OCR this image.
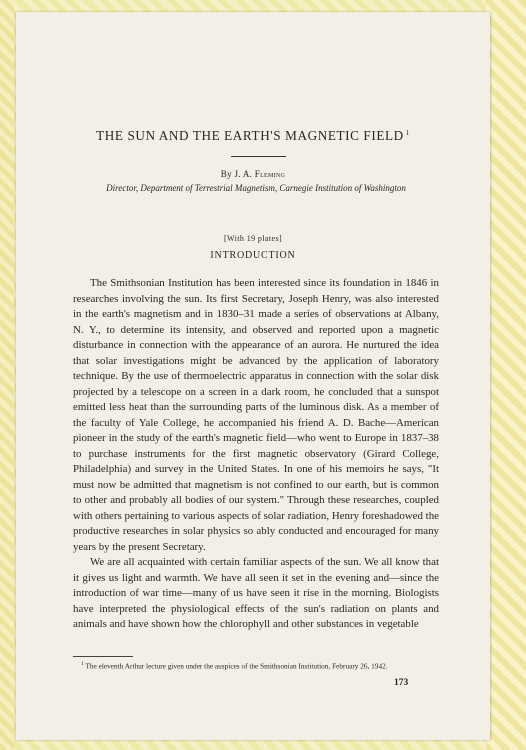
THE SUN AND THE EARTH'S MAGNETIC FIELD $^1$
By J. A. Fleming
Director, Department of Terrestrial Magnetism, Carnegie Institution of Washington
[With 19 plates]
INTRODUCTION

The Smithsonian Institution has been interested since its foundation in 1846 in researches involving the sun. Its first Secretary, Joseph Henry, was also interested in the earth's magnetism and in 1830–31 made a series of observations at Albany, N. Y., to determine its intensity, and observed and reported upon a magnetic disturbance in connection with the appearance of an aurora. He nurtured the idea that solar investigations might be advanced by the application of laboratory technique. By the use of thermoelectric apparatus in connection with the solar disk projected by a telescope on a screen in a dark room, he concluded that a sunspot emitted less heat than the surrounding parts of the luminous disk. As a member of the faculty of Yale College, he accompanied his friend A. D. Bache—American pioneer in the study of the earth's magnetic field—who went to Europe in 1837–38 to purchase instruments for the first magnetic observatory (Girard College, Philadelphia) and survey in the United States. In one of his memoirs he says, "It must now be admitted that magnetism is not confined to our earth, but is common to other and probably all bodies of our system." Through these researches, coupled with others pertaining to various aspects of solar radiation, Henry foreshadowed the productive researches in solar physics so ably conducted and encouraged for many years by the present Secretary.

We are all acquainted with certain familiar aspects of the sun. We all know that it gives us light and warmth. We have all seen it set in the evening and—since the introduction of war time—many of us have seen it rise in the morning. Biologists have interpreted the physiological effects of the sun's radiation on plants and animals and have shown how the chlorophyll and other substances in vegetable

$^1$ The eleventh Arthur lecture given under the auspices of the Smithsonian Institution, February 26, 1942.
173
